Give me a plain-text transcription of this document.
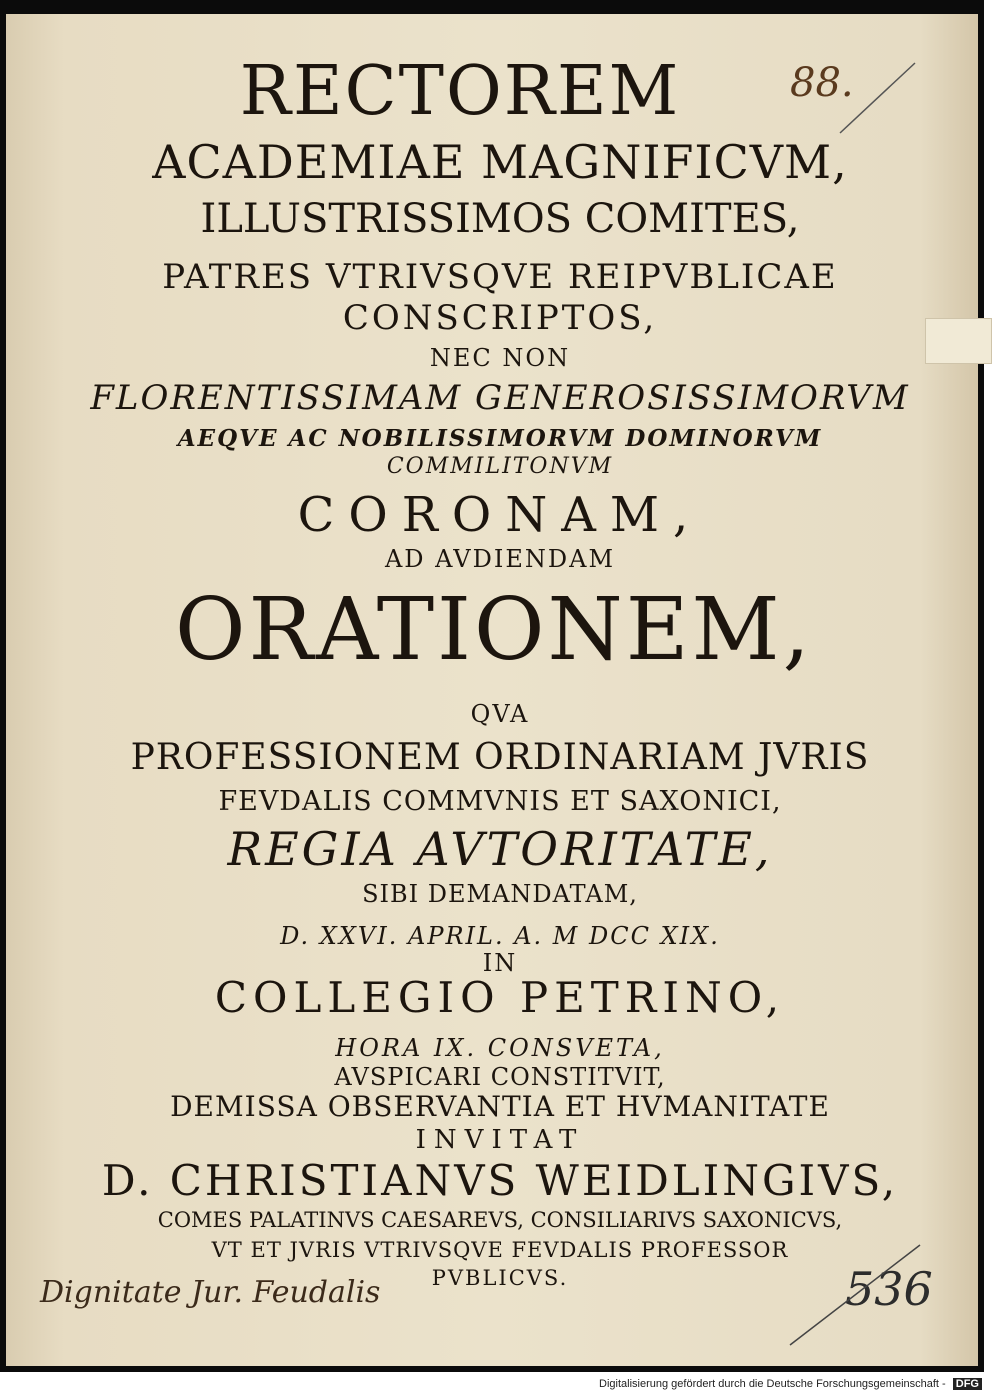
RECTOREM
ACADEMIAE MAGNIFICVM,
ILLUSTRISSIMOS COMITES,
PATRES VTRIVSQVE REIPVBLICAE
CONSCRIPTOS,
NEC NON
FLORENTISSIMAM GENEROSISSIMORVM
AEQVE AC NOBILISSIMORVM DOMINORVM
COMMILITONVM
CORONAM,
AD AVDIENDAM
ORATIONEM,
QVA
PROFESSIONEM ORDINARIAM JVRIS
FEVDALIS COMMVNIS ET SAXONICI,
REGIA AVTORITATE,
SIBI DEMANDATAM,
D. XXVI. APRIL. A. M DCC XIX.
IN
COLLEGIO PETRINO,
HORA IX. CONSVETA,
AVSPICARI CONSTITVIT,
DEMISSA OBSERVANTIA ET HVMANITATE
INVITAT
D. CHRISTIANVS WEIDLINGIVS,
COMES PALATINVS CAESAREVS, CONSILIARIVS SAXONICVS,
VT ET JVRIS VTRIVSQVE FEVDALIS PROFESSOR
PVBLICVS.
88.
Dignitate Jur. Feudalis	536
Digitalisierung gefördert durch die Deutsche Forschungsgemeinschaft - DFG
